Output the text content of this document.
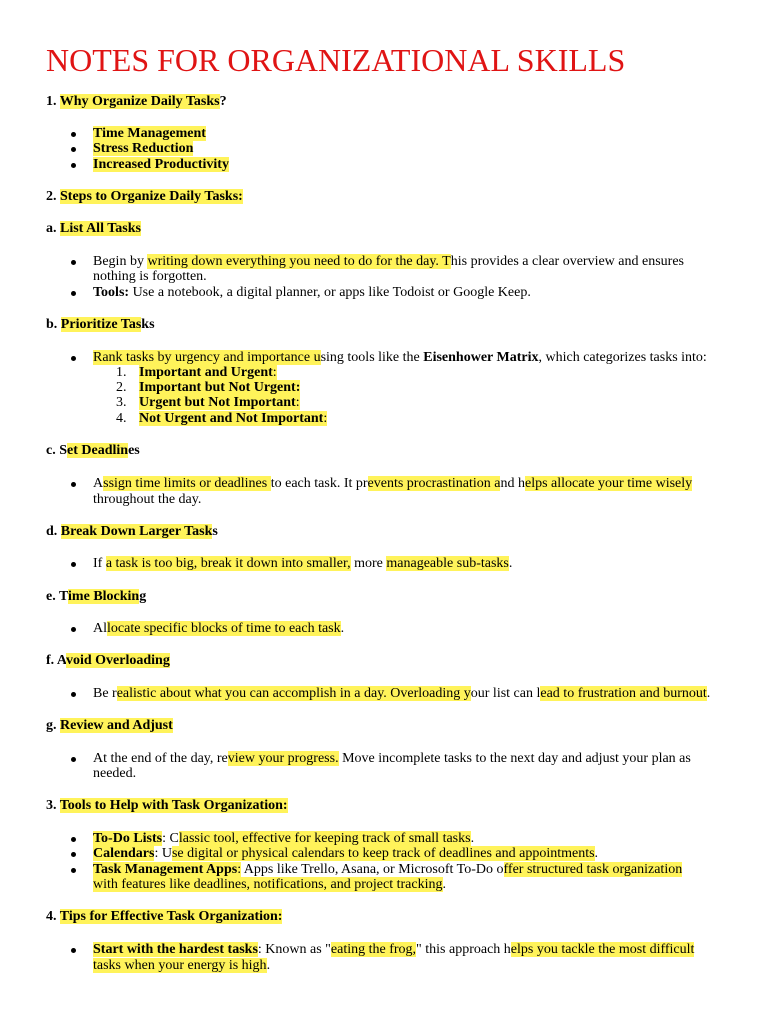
NOTES FOR ORGANIZATIONAL SKILLS
1. Why Organize Daily Tasks?
Time Management
Stress Reduction
Increased Productivity
2. Steps to Organize Daily Tasks:
a. List All Tasks
Begin by writing down everything you need to do for the day. This provides a clear overview and ensures
nothing is forgotten.
Tools: Use a notebook, a digital planner, or apps like Todoist or Google Keep.
b. Prioritize Tasks
Rank tasks by urgency and importance using tools like the Eisenhower Matrix, which categorizes tasks into:
1. Important and Urgent:
2. Important but Not Urgent:
3. Urgent but Not Important:
4. Not Urgent and Not Important:
c. Set Deadlines
Assign time limits or deadlines to each task. It prevents procrastination and helps allocate your time wisely
throughout the day.
d. Break Down Larger Tasks
If a task is too big, break it down into smaller, more manageable sub-tasks.
e. Time Blocking
Allocate specific blocks of time to each task.
f. Avoid Overloading
Be realistic about what you can accomplish in a day. Overloading your list can lead to frustration and burnout.
g. Review and Adjust
At the end of the day, review your progress. Move incomplete tasks to the next day and adjust your plan as
needed.
3. Tools to Help with Task Organization:
To-Do Lists: Classic tool, effective for keeping track of small tasks.
Calendars: Use digital or physical calendars to keep track of deadlines and appointments.
Task Management Apps: Apps like Trello, Asana, or Microsoft To-Do offer structured task organization
with features like deadlines, notifications, and project tracking.
4. Tips for Effective Task Organization:
Start with the hardest tasks: Known as "eating the frog," this approach helps you tackle the most difficult
tasks when your energy is high.
